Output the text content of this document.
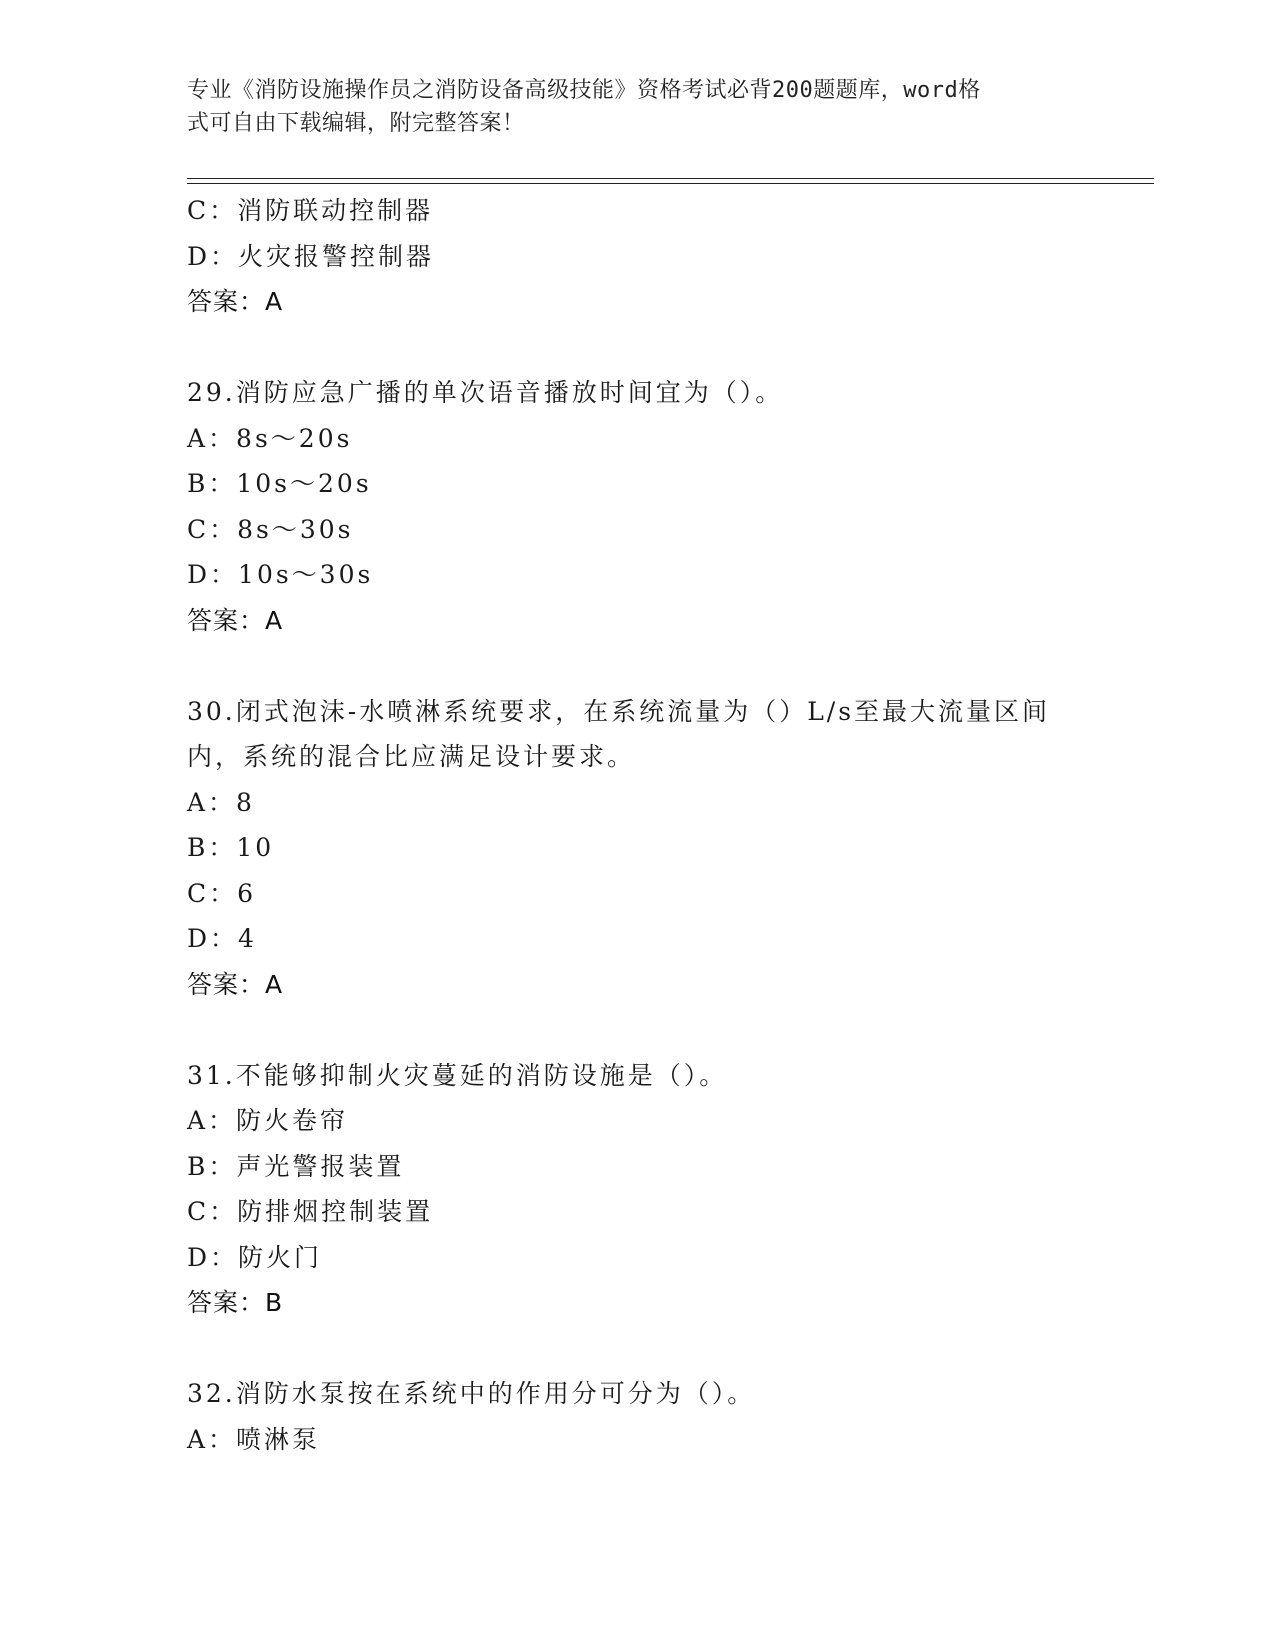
专业《消防设施操作员之消防设备高级技能》资格考试必背200题题库，word格
式可自由下载编辑，附完整答案！
C：消防联动控制器
D：火灾报警控制器
答案：A
29.消防应急广播的单次语音播放时间宜为（）。
A：8s～20s
B：10s～20s
C：8s～30s
D：10s～30s
答案：A
30.闭式泡沫-水喷淋系统要求，在系统流量为（）L/s至最大流量区间
内，系统的混合比应满足设计要求。
A：8
B：10
C：6
D：4
答案：A
31.不能够抑制火灾蔓延的消防设施是（）。
A：防火卷帘
B：声光警报装置
C：防排烟控制装置
D：防火门
答案：B
32.消防水泵按在系统中的作用分可分为（）。
A：喷淋泵
